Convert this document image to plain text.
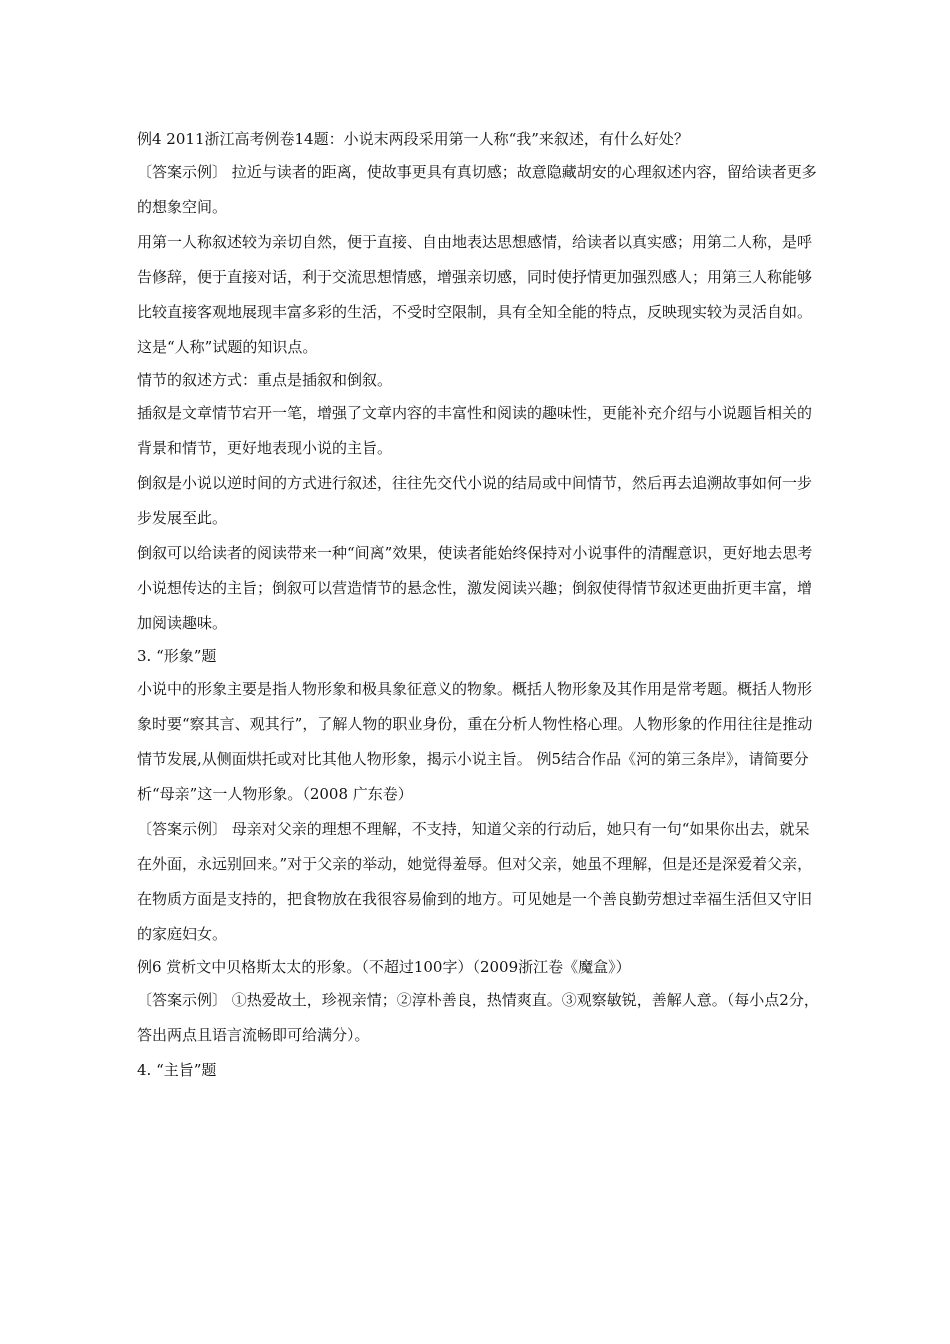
例4 2011浙江高考例卷14题：小说末两段采用第一人称“我”来叙述，有什么好处？

〔答案示例〕 拉近与读者的距离，使故事更具有真切感；故意隐藏胡安的心理叙述内容，留给读者更多的想象空间。

用第一人称叙述较为亲切自然，便于直接、自由地表达思想感情，给读者以真实感；用第二人称，是呼告修辞，便于直接对话，利于交流思想情感，增强亲切感，同时使抒情更加强烈感人；用第三人称能够比较直接客观地展现丰富多彩的生活，不受时空限制，具有全知全能的特点，反映现实较为灵活自如。这是“人称”试题的知识点。

情节的叙述方式：重点是插叙和倒叙。

插叙是文章情节宕开一笔，增强了文章内容的丰富性和阅读的趣味性，更能补充介绍与小说题旨相关的背景和情节，更好地表现小说的主旨。

倒叙是小说以逆时间的方式进行叙述，往往先交代小说的结局或中间情节，然后再去追溯故事如何一步步发展至此。

倒叙可以给读者的阅读带来一种“间离”效果，使读者能始终保持对小说事件的清醒意识，更好地去思考小说想传达的主旨；倒叙可以营造情节的悬念性，激发阅读兴趣；倒叙使得情节叙述更曲折更丰富，增加阅读趣味。

3. “形象”题

小说中的形象主要是指人物形象和极具象征意义的物象。概括人物形象及其作用是常考题。概括人物形象时要“察其言、观其行”，了解人物的职业身份，重在分析人物性格心理。人物形象的作用往往是推动情节发展,从侧面烘托或对比其他人物形象，揭示小说主旨。 例5结合作品《河的第三条岸》，请简要分析“母亲”这一人物形象。（2008 广东卷）

〔答案示例〕 母亲对父亲的理想不理解，不支持，知道父亲的行动后，她只有一句“如果你出去，就呆在外面，永远别回来。”对于父亲的举动，她觉得羞辱。但对父亲，她虽不理解，但是还是深爱着父亲，在物质方面是支持的，把食物放在我很容易偷到的地方。可见她是一个善良勤劳想过幸福生活但又守旧的家庭妇女。

例6 赏析文中贝格斯太太的形象。（不超过100字）（2009浙江卷《魔盒》）

〔答案示例〕 ①热爱故土，珍视亲情；②淳朴善良，热情爽直。③观察敏锐，善解人意。（每小点2分，答出两点且语言流畅即可给满分）。

4. “主旨”题
